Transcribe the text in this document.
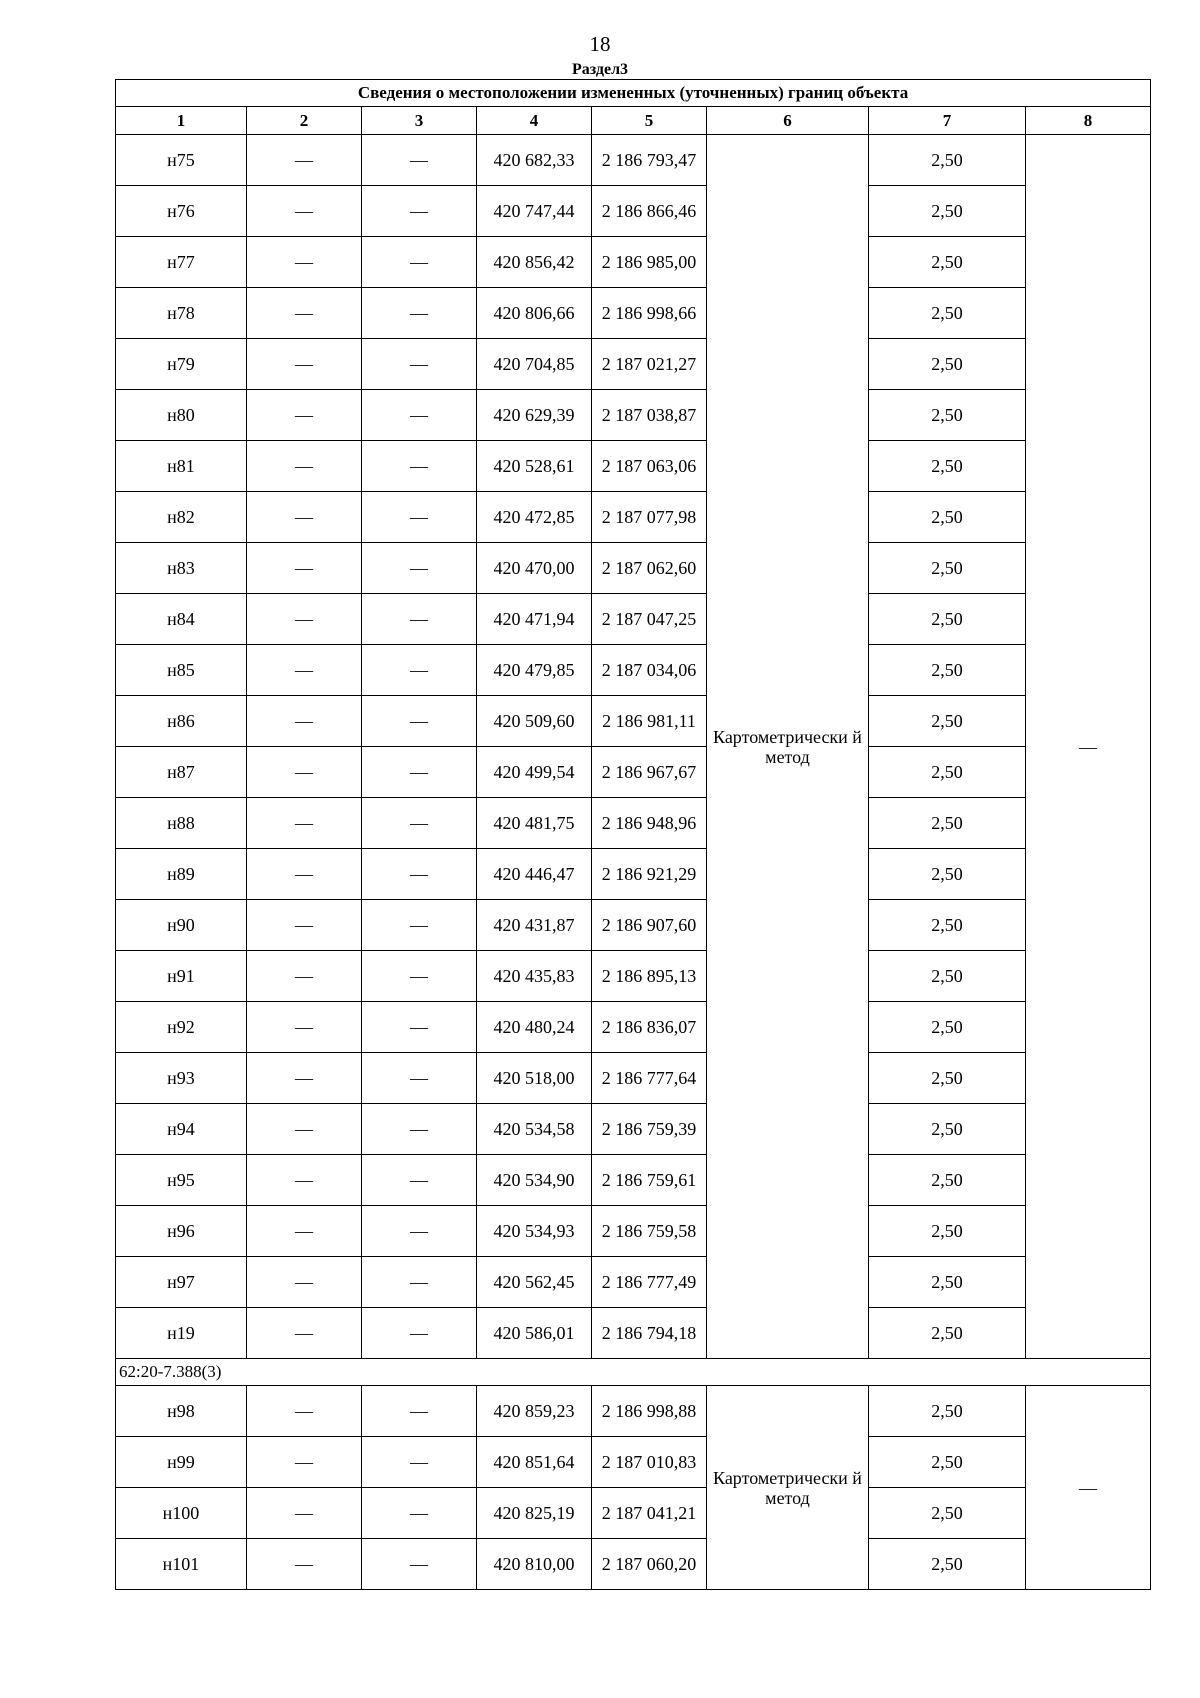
18
Раздел3
Сведения о местоположении измененных (уточненных) границ объекта							
1	2	3	4	5	6	7	8
н75	—	—	420 682,33	2 186 793,47	Картометрически й метод	2,50	—
н76	—	—	420 747,44	2 186 866,46		2,50	
н77	—	—	420 856,42	2 186 985,00		2,50	
н78	—	—	420 806,66	2 186 998,66		2,50	
н79	—	—	420 704,85	2 187 021,27		2,50	
н80	—	—	420 629,39	2 187 038,87		2,50	
н81	—	—	420 528,61	2 187 063,06		2,50	
н82	—	—	420 472,85	2 187 077,98		2,50	
н83	—	—	420 470,00	2 187 062,60		2,50	
н84	—	—	420 471,94	2 187 047,25		2,50	
н85	—	—	420 479,85	2 187 034,06		2,50	
н86	—	—	420 509,60	2 186 981,11		2,50	
н87	—	—	420 499,54	2 186 967,67		2,50	
н88	—	—	420 481,75	2 186 948,96		2,50	
н89	—	—	420 446,47	2 186 921,29		2,50	
н90	—	—	420 431,87	2 186 907,60		2,50	
н91	—	—	420 435,83	2 186 895,13		2,50	
н92	—	—	420 480,24	2 186 836,07		2,50	
н93	—	—	420 518,00	2 186 777,64		2,50	
н94	—	—	420 534,58	2 186 759,39		2,50	
н95	—	—	420 534,90	2 186 759,61		2,50	
н96	—	—	420 534,93	2 186 759,58		2,50	
н97	—	—	420 562,45	2 186 777,49		2,50	
н19	—	—	420 586,01	2 186 794,18		2,50	
62:20-7.388(3)							
н98	—	—	420 859,23	2 186 998,88	Картометрически й метод	2,50	—
н99	—	—	420 851,64	2 187 010,83		2,50	
н100	—	—	420 825,19	2 187 041,21		2,50	
н101	—	—	420 810,00	2 187 060,20		2,50	
